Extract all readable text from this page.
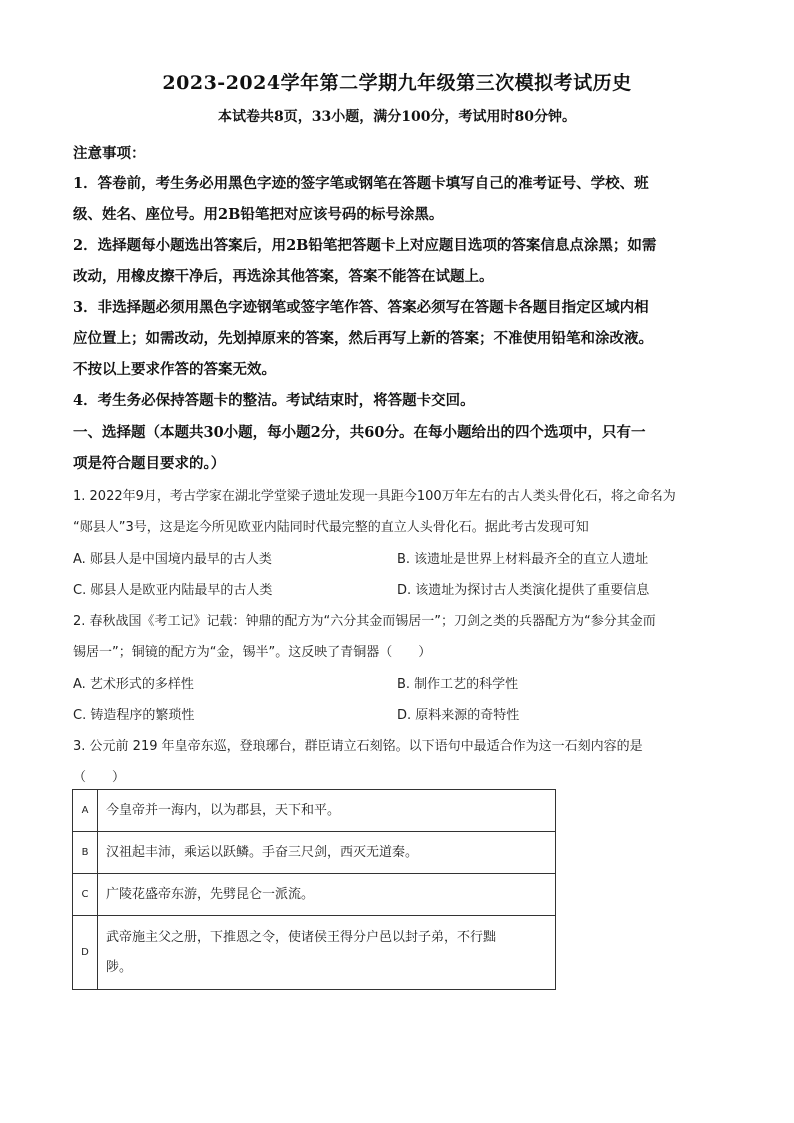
2023-2024学年第二学期九年级第三次模拟考试历史
本试卷共8页，33小题，满分100分，考试用时80分钟。
注意事项：
1．答卷前，考生务必用黑色字迹的签字笔或钢笔在答题卡填写自己的准考证号、学校、班
级、姓名、座位号。用2B铅笔把对应该号码的标号涂黑。
2．选择题每小题选出答案后，用2B铅笔把答题卡上对应题目选项的答案信息点涂黑；如需
改动，用橡皮擦干净后，再选涂其他答案，答案不能答在试题上。
3．非选择题必须用黑色字迹钢笔或签字笔作答、答案必须写在答题卡各题目指定区域内相
应位置上；如需改动，先划掉原来的答案，然后再写上新的答案；不准使用铅笔和涂改液。
不按以上要求作答的答案无效。
4．考生务必保持答题卡的整洁。考试结束时，将答题卡交回。
一、选择题（本题共30小题，每小题2分，共60分。在每小题给出的四个选项中，只有一
项是符合题目要求的。）
1. 2022年9月，考古学家在湖北学堂梁子遗址发现一具距今100万年左右的古人类头骨化石，将之命名为
“郧县人”3号，这是迄今所见欧亚内陆同时代最完整的直立人头骨化石。据此考古发现可知
A. 郧县人是中国境内最早的古人类	B. 该遗址是世界上材料最齐全的直立人遗址
C. 郧县人是欧亚内陆最早的古人类	D. 该遗址为探讨古人类演化提供了重要信息
2. 春秋战国《考工记》记载：钟鼎的配方为“六分其金而锡居一”；刀剑之类的兵器配方为“参分其金而
锡居一”；铜镜的配方为“金，锡半”。这反映了青铜器（　　）
A. 艺术形式的多样性	B. 制作工艺的科学性
C. 铸造程序的繁琐性	D. 原料来源的奇特性
3. 公元前 219 年皇帝东巡，登琅琊台，群臣请立石刻铭。以下语句中最适合作为这一石刻内容的是
（　　）
A	今皇帝并一海内，以为郡县，天下和平。
B	汉祖起丰沛，乘运以跃鳞。手奋三尺剑，西灭无道秦。
C	广陵花盛帝东游，先劈昆仑一派流。
D	武帝施主父之册，下推恩之令，使诸侯王得分户邑以封子弟，不行黜
陟。
